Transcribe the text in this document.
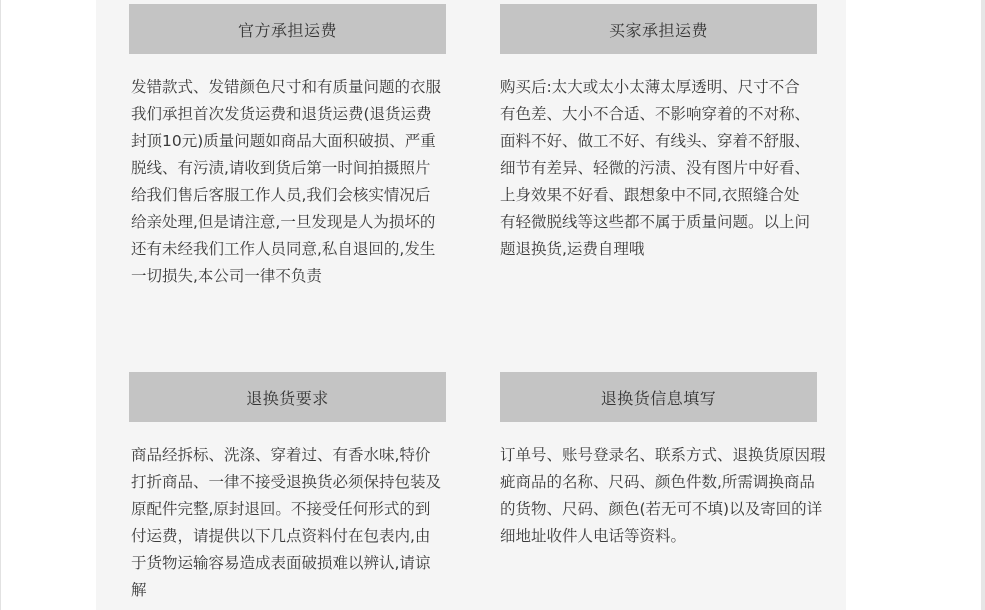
官方承担运费
发错款式、发错颜色尺寸和有质量问题的衣服我们承担首次发货运费和退货运费(退货运费封顶10元)质量问题如商品大面积破损、严重脱线、有污渍,请收到货后第一时间拍摄照片给我们售后客服工作人员,我们会核实情况后给亲处理,但是请注意,一旦发现是人为损坏的还有未经我们工作人员同意,私自退回的,发生一切损失,本公司一律不负责
买家承担运费
购买后:太大或太小太薄太厚透明、尺寸不合有色差、大小不合适、不影响穿着的不对称、面料不好、做工不好、有线头、穿着不舒服、细节有差异、轻微的污渍、没有图片中好看、上身效果不好看、跟想象中不同,衣照缝合处有轻微脱线等这些都不属于质量问题。以上问题退换货,运费自理哦
退换货要求
商品经拆标、洗涤、穿着过、有香水味,特价打折商品、一律不接受退换货必须保持包装及原配件完整,原封退回。不接受任何形式的到付运费，请提供以下几点资料付在包表内,由于货物运输容易造成表面破损难以辨认,请谅解
退换货信息填写
订单号、账号登录名、联系方式、退换货原因瑕疵商品的名称、尺码、颜色件数,所需调换商品的货物、尺码、颜色(若无可不填)以及寄回的详细地址收件人电话等资料。
